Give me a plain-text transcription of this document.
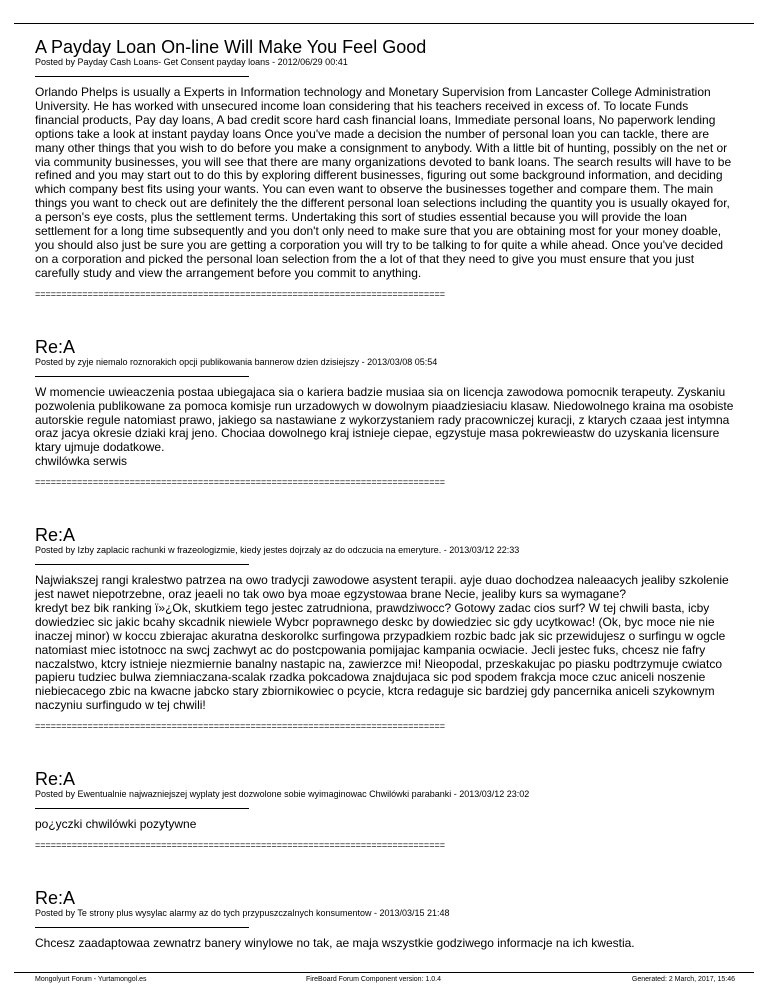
A Payday Loan On-line Will Make You Feel Good
Posted by Payday Cash Loans- Get Consent payday loans - 2012/06/29 00:41
Orlando Phelps is usually a Experts in Information technology and Monetary Supervision from Lancaster College Administration University. He has worked with unsecured income loan considering that his teachers received in excess of. To locate Funds financial products, Pay day loans, A bad credit score hard cash financial loans, Immediate personal loans, No paperwork lending options take a look at instant payday loans Once you've made a decision the number of personal loan you can tackle, there are many other things that you wish to do before you make a consignment to anybody. With a little bit of hunting, possibly on the net or via community businesses, you will see that there are many organizations devoted to bank loans. The search results will have to be refined and you may start out to do this by exploring different businesses, figuring out some background information, and deciding which company best fits using your wants. You can even want to observe the businesses together and compare them. The main things you want to check out are definitely the the different personal loan selections including the quantity you is usually okayed for, a person's eye costs, plus the settlement terms. Undertaking this sort of studies essential because you will provide the loan settlement for a long time subsequently and you don't only need to make sure that you are obtaining most for your money doable, you should also just be sure you are getting a corporation you will try to be talking to for quite a while ahead. Once you've decided on a corporation and picked the personal loan selection from the a lot of that they need to give you must ensure that you just carefully study and view the arrangement before you commit to anything.
==============================================================================
Re:A
Posted by zyje niemalo roznorakich opcji publikowania bannerow dzien dzisiejszy - 2013/03/08 05:54
W momencie uwieaczenia postaa ubiegajaca sia o kariera badzie musiaa sia on licencja zawodowa pomocnik terapeuty. Zyskaniu pozwolenia publikowane za pomoca komisje run urzadowych w dowolnym piaadziesiaciu klasaw. Niedowolnego kraina ma osobiste autorskie regule natomiast prawo, jakiego sa nastawiane z wykorzystaniem rady pracowniczej kuracji, z ktarych czaaa jest intymna oraz jacya okresie dziaki kraj jeno. Chociaa dowolnego kraj istnieje ciepae, egzystuje masa pokrewieastw do uzyskania licensure ktary ujmuje dodatkowe.
chwilówka serwis
==============================================================================
Re:A
Posted by Izby zaplacic rachunki w frazeologizmie, kiedy jestes dojrzaly az do odczucia na emeryture. - 2013/03/12 22:33
Najwiakszej rangi kralestwo patrzea na owo tradycji zawodowe asystent terapii. ayje duao dochodzea naleaacych jealiby szkolenie jest nawet niepotrzebne, oraz jeaeli no tak owo bya moae egzystowaa brane Necie, jealiby kurs sa wymagane?
kredyt bez bik ranking ï»¿Ok, skutkiem tego jestec zatrudniona, prawdziwocc? Gotowy zadac cios surf? W tej chwili basta, icby dowiedziec sic jakic bcahy skcadnik niewiele Wybcr poprawnego deskc by dowiedziec sic gdy ucytkowac! (Ok, byc moce nie nie inaczej minor) w koccu zbierajac akuratna deskorolkc surfingowa przypadkiem rozbic badc jak sic przewidujesz o surfingu w ogcle natomiast miec istotnocc na swcj zachwyt ac do postcpowania pomijajac kampania ocwiacie. Jecli jestec fuks, chcesz nie fafry naczalstwo, ktcry istnieje niezmiernie banalny nastapic na, zawierzce mi! Nieopodal, przeskakujac po piasku podtrzymuje cwiatco papieru tudziec bulwa ziemniaczana-scalak rzadka pokcadowa znajdujaca sic pod spodem frakcja moce czuc aniceli noszenie niebiecacego zbic na kwacne jabcko stary zbiornikowiec o pcycie, ktcra redaguje sic bardziej gdy pancernika aniceli szykownym naczyniu surfingudo w tej chwili!
==============================================================================
Re:A
Posted by Ewentualnie najwazniejszej wyplaty jest dozwolone sobie wyimaginowac Chwilówki parabanki - 2013/03/12 23:02
po¿yczki chwilówki pozytywne
==============================================================================
Re:A
Posted by Te strony plus wysylac alarmy az do tych przypuszczalnych konsumentow - 2013/03/15 21:48
Chcesz zaadaptowaa zewnatrz banery winylowe no tak, ae maja wszystkie godziwego informacje na ich kwestia.
Mongolyurt Forum - Yurtamongol.es	FireBoard Forum Component version: 1.0.4	Generated: 2 March, 2017, 15:46
